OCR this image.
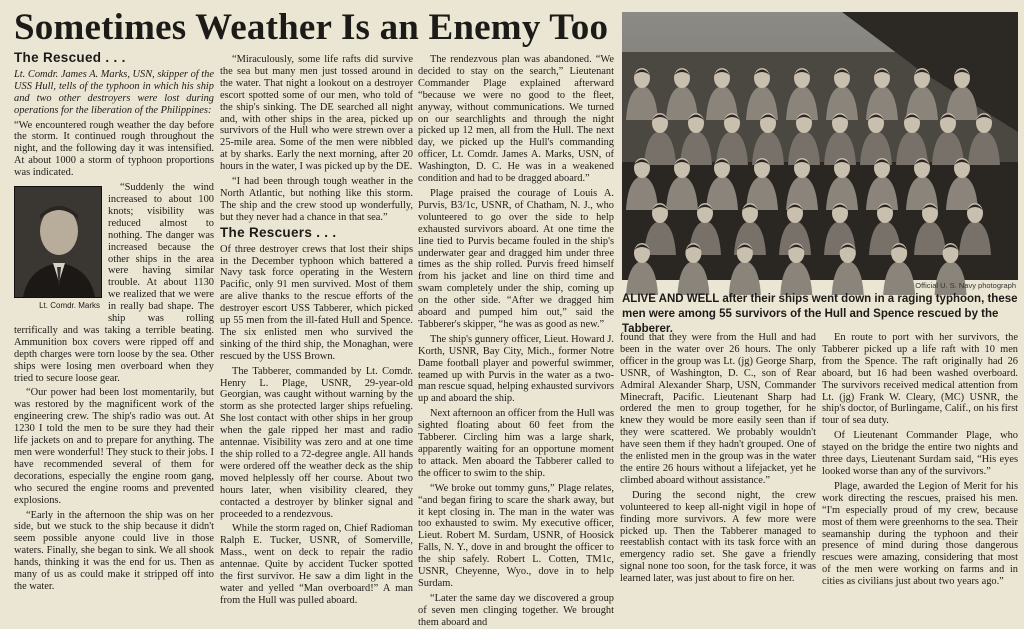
Sometimes Weather Is an Enemy Too
The Rescued . . .

Lt. Comdr. James A. Marks, USN, skipper of the USS Hull, tells of the typhoon in which his ship and two other destroyers were lost during operations for the liberation of the Philippines:

“We encountered rough weather the day before the storm. It continued rough throughout the night, and the following day it was intensified. At about 1000 a storm of typhoon proportions was indicated.

Lt. Comdr. Marks

“Suddenly the wind increased to about 100 knots; visibility was reduced almost to nothing. The danger was increased because the other ships in the area were having similar trouble. At about 1130 we realized that we were in really bad shape. The ship was rolling terrifically and was taking a terrible beating. Ammunition box covers were ripped off and depth charges were torn loose by the sea. Other ships were losing men overboard when they tried to secure loose gear.

“Our power had been lost momentarily, but was restored by the magnificent work of the engineering crew. The ship's radio was out. At 1230 I told the men to be sure they had their life jackets on and to prepare for anything. The men were wonderful! They stuck to their jobs. I have recommended several of them for decorations, especially the engine room gang, who secured the engine rooms and prevented explosions.

“Early in the afternoon the ship was on her side, but we stuck to the ship because it didn't seem possible anyone could live in those waters. Finally, she began to sink. We all shook hands, thinking it was the end for us. Then as many of us as could make it stripped off into the water.

“Miraculously, some life rafts did survive the sea but many men just tossed around in the water. That night a lookout on a destroyer escort spotted some of our men, who told of the ship's sinking. The DE searched all night and, with other ships in the area, picked up survivors of the Hull who were strewn over a 25-mile area. Some of the men were nibbled at by sharks. Early the next morning, after 20 hours in the water, I was picked up by the DE.

“I had been through tough weather in the North Atlantic, but nothing like this storm. The ship and the crew stood up wonderfully, but they never had a chance in that sea.”

The Rescuers . . .

Of three destroyer crews that lost their ships in the December typhoon which battered a Navy task force operating in the Western Pacific, only 91 men survived. Most of them are alive thanks to the rescue efforts of the destroyer escort USS Tabberer, which picked up 55 men from the ill-fated Hull and Spence. The six enlisted men who survived the sinking of the third ship, the Monaghan, were rescued by the USS Brown.

The Tabberer, commanded by Lt. Comdr. Henry L. Plage, USNR, 29-year-old Georgian, was caught without warning by the storm as she protected larger ships refueling. She lost contact with other ships in her group when the gale ripped her mast and radio antennae. Visibility was zero and at one time the ship rolled to a 72-degree angle. All hands were ordered off the weather deck as the ship moved helplessly off her course. About two hours later, when visibility cleared, they contacted a destroyer by blinker signal and proceeded to a rendezvous.

While the storm raged on, Chief Radioman Ralph E. Tucker, USNR, of Somerville, Mass., went on deck to repair the radio antennae. Quite by accident Tucker spotted the first survivor. He saw a dim light in the water and yelled “Man overboard!” A man from the Hull was pulled aboard.

The rendezvous plan was abandoned. “We decided to stay on the search,” Lieutenant Commander Plage explained afterward “because we were no good to the fleet, anyway, without communications. We turned on our searchlights and through the night picked up 12 men, all from the Hull. The next day, we picked up the Hull's commanding officer, Lt. Comdr. James A. Marks, USN, of Washington, D. C. He was in a weakened condition and had to be dragged aboard.”

Plage praised the courage of Louis A. Purvis, B3/1c, USNR, of Chatham, N. J., who volunteered to go over the side to help exhausted survivors aboard. At one time the line tied to Purvis became fouled in the ship's underwater gear and dragged him under three times as the ship rolled. Purvis freed himself from his jacket and line on third time and swam completely under the ship, coming up on the other side. “After we dragged him aboard and pumped him out,” said the Tabberer's skipper, “he was as good as new.”

The ship's gunnery officer, Lieut. Howard J. Korth, USNR, Bay City, Mich., former Notre Dame football player and powerful swimmer, teamed up with Purvis in the water as a two-man rescue squad, helping exhausted survivors up and aboard the ship.

Next afternoon an officer from the Hull was sighted floating about 60 feet from the Tabberer. Circling him was a large shark, apparently waiting for an opportune moment to attack. Men aboard the Tabberer called to the officer to swim to the ship.

“We broke out tommy guns,” Plage relates, “and began firing to scare the shark away, but it kept closing in. The man in the water was too exhausted to swim. My executive officer, Lieut. Robert M. Surdam, USNR, of Hoosick Falls, N. Y., dove in and brought the officer to the ship safely. Robert L. Cotten, TM1c, USNR, Cheyenne, Wyo., dove in to help Surdam.

“Later the same day we discovered a group of seven men clinging together. We brought them aboard and

Official U. S. Navy photograph
ALIVE AND WELL after their ships went down in a raging typhoon, these men were among 55 survivors of the Hull and Spence rescued by the Tabberer.

found that they were from the Hull and had been in the water over 26 hours. The only officer in the group was Lt. (jg) George Sharp, USNR, of Washington, D. C., son of Rear Admiral Alexander Sharp, USN, Commander Minecraft, Pacific. Lieutenant Sharp had ordered the men to group together, for he knew they would be more easily seen than if they were scattered. We probably wouldn't have seen them if they hadn't grouped. One of the enlisted men in the group was in the water the entire 26 hours without a lifejacket, yet he climbed aboard without assistance.”

During the second night, the crew volunteered to keep all-night vigil in hope of finding more survivors. A few more were picked up. Then the Tabberer managed to reestablish contact with its task force with an emergency radio set. She gave a friendly signal none too soon, for the task force, it was learned later, was just about to fire on her.

En route to port with her survivors, the Tabberer picked up a life raft with 10 men from the Spence. The raft originally had 26 aboard, but 16 had been washed overboard. The survivors received medical attention from Lt. (jg) Frank W. Cleary, (MC) USNR, the ship's doctor, of Burlingame, Calif., on his first tour of sea duty.

Of Lieutenant Commander Plage, who stayed on the bridge the entire two nights and three days, Lieutenant Surdam said, “His eyes looked worse than any of the survivors.”

Plage, awarded the Legion of Merit for his work directing the rescues, praised his men. “I'm especially proud of my crew, because most of them were greenhorns to the sea. Their seamanship during the typhoon and their presence of mind during those dangerous rescues were amazing, considering that most of the men were working on farms and in cities as civilians just about two years ago.”
